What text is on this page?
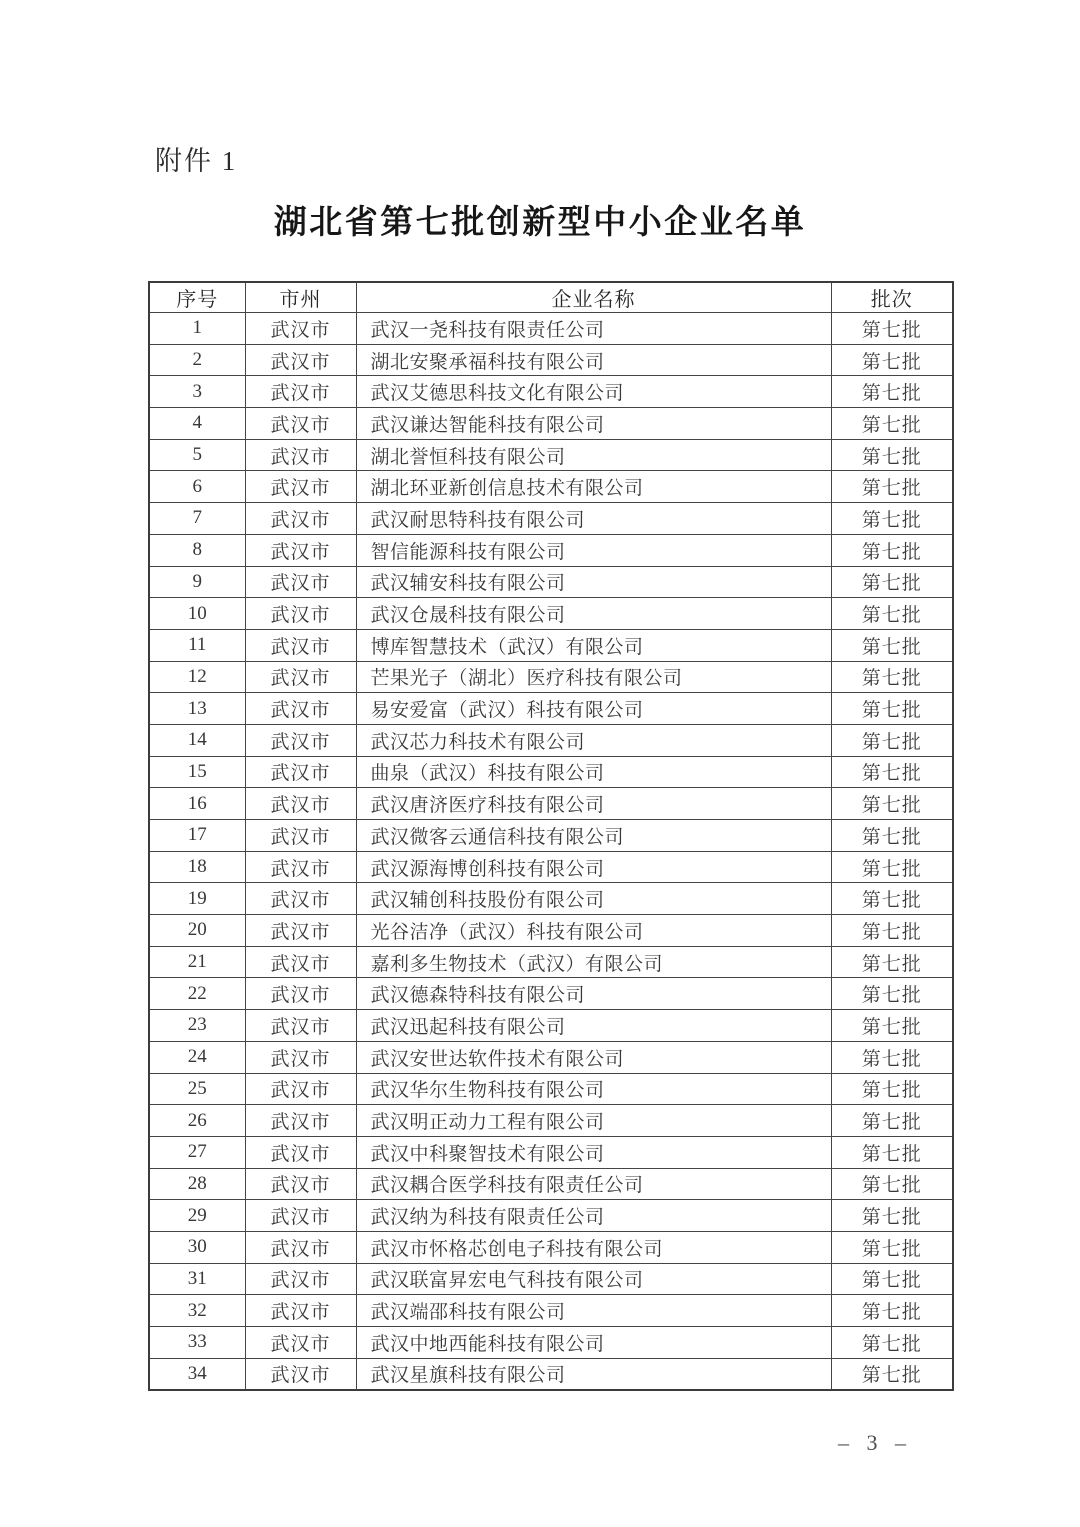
附件 1
湖北省第七批创新型中小企业名单
序号	市州	企业名称	批次
1	武汉市	武汉一尧科技有限责任公司	第七批
2	武汉市	湖北安聚承福科技有限公司	第七批
3	武汉市	武汉艾德思科技文化有限公司	第七批
4	武汉市	武汉谦达智能科技有限公司	第七批
5	武汉市	湖北誉恒科技有限公司	第七批
6	武汉市	湖北环亚新创信息技术有限公司	第七批
7	武汉市	武汉耐思特科技有限公司	第七批
8	武汉市	智信能源科技有限公司	第七批
9	武汉市	武汉辅安科技有限公司	第七批
10	武汉市	武汉仓晟科技有限公司	第七批
11	武汉市	博库智慧技术（武汉）有限公司	第七批
12	武汉市	芒果光子（湖北）医疗科技有限公司	第七批
13	武汉市	易安爱富（武汉）科技有限公司	第七批
14	武汉市	武汉芯力科技术有限公司	第七批
15	武汉市	曲泉（武汉）科技有限公司	第七批
16	武汉市	武汉唐济医疗科技有限公司	第七批
17	武汉市	武汉微客云通信科技有限公司	第七批
18	武汉市	武汉源海博创科技有限公司	第七批
19	武汉市	武汉辅创科技股份有限公司	第七批
20	武汉市	光谷洁净（武汉）科技有限公司	第七批
21	武汉市	嘉利多生物技术（武汉）有限公司	第七批
22	武汉市	武汉德森特科技有限公司	第七批
23	武汉市	武汉迅起科技有限公司	第七批
24	武汉市	武汉安世达软件技术有限公司	第七批
25	武汉市	武汉华尔生物科技有限公司	第七批
26	武汉市	武汉明正动力工程有限公司	第七批
27	武汉市	武汉中科聚智技术有限公司	第七批
28	武汉市	武汉耦合医学科技有限责任公司	第七批
29	武汉市	武汉纳为科技有限责任公司	第七批
30	武汉市	武汉市怀格芯创电子科技有限公司	第七批
31	武汉市	武汉联富昇宏电气科技有限公司	第七批
32	武汉市	武汉端邵科技有限公司	第七批
33	武汉市	武汉中地西能科技有限公司	第七批
34	武汉市	武汉星旗科技有限公司	第七批
– 3 –
